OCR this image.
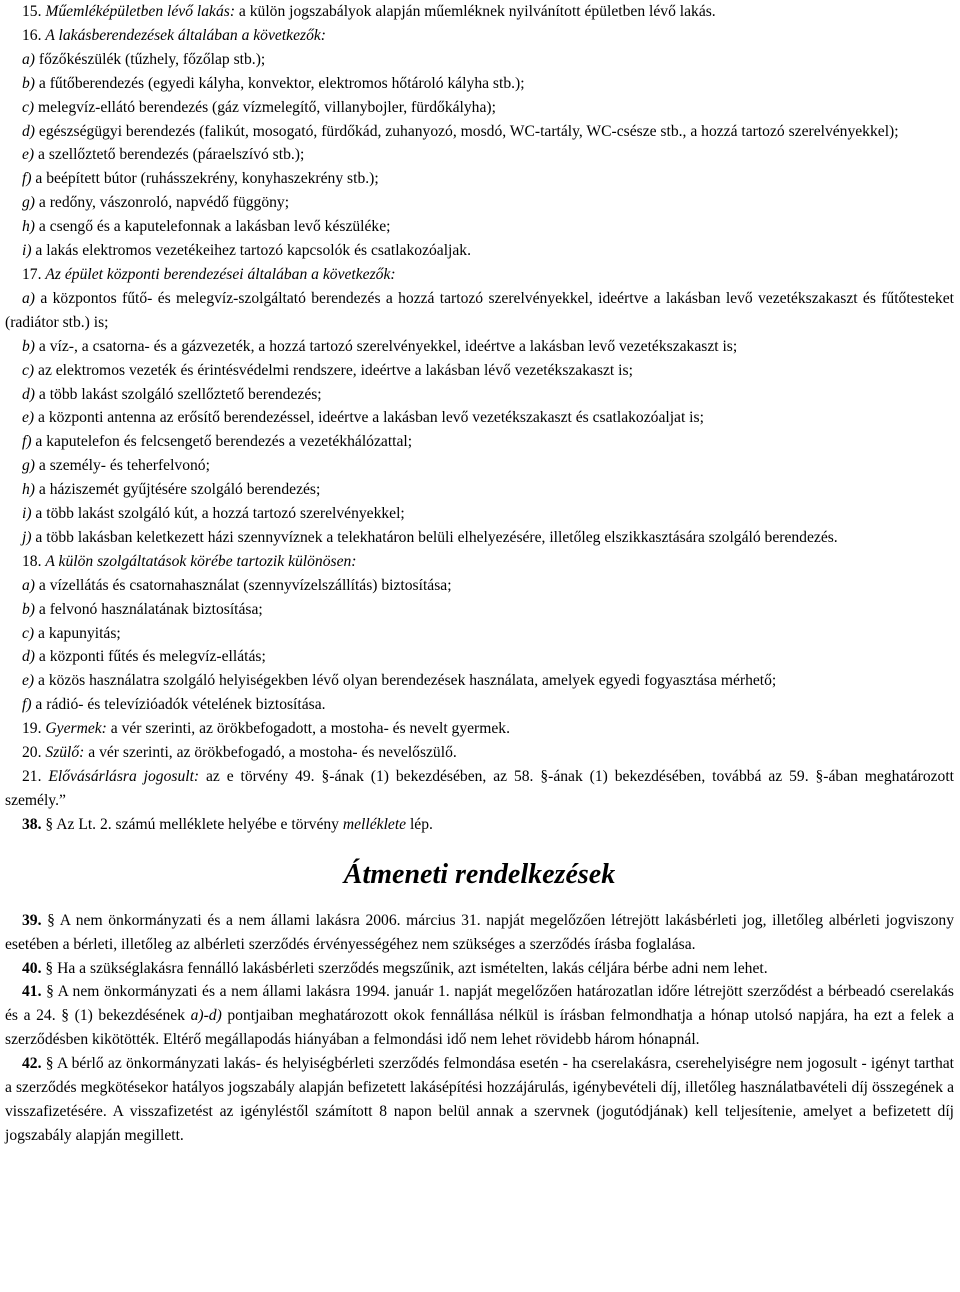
15. Műemléképületben lévő lakás: a külön jogszabályok alapján műemléknek nyilvánított épületben lévő lakás.

16. A lakásberendezések általában a következők:

a) főzőkészülék (tűzhely, főzőlap stb.);

b) a fűtőberendezés (egyedi kályha, konvektor, elektromos hőtároló kályha stb.);

c) melegvíz-ellátó berendezés (gáz vízmelegítő, villanybojler, fürdőkályha);

d) egészségügyi berendezés (falikút, mosogató, fürdőkád, zuhanyozó, mosdó, WC-tartály, WC-csésze stb., a hozzá tartozó szerelvényekkel);

e) a szellőztető berendezés (páraelszívó stb.);

f) a beépített bútor (ruhásszekrény, konyhaszekrény stb.);

g) a redőny, vászonroló, napvédő függöny;

h) a csengő és a kaputelefonnak a lakásban levő készüléke;

i) a lakás elektromos vezetékeihez tartozó kapcsolók és csatlakozóaljak.

17. Az épület központi berendezései általában a következők:

a) a központos fűtő- és melegvíz-szolgáltató berendezés a hozzá tartozó szerelvényekkel, ideértve a lakásban levő vezetékszakaszt és fűtőtesteket (radiátor stb.) is;

b) a víz-, a csatorna- és a gázvezeték, a hozzá tartozó szerelvényekkel, ideértve a lakásban levő vezetékszakaszt is;

c) az elektromos vezeték és érintésvédelmi rendszere, ideértve a lakásban lévő vezetékszakaszt is;

d) a több lakást szolgáló szellőztető berendezés;

e) a központi antenna az erősítő berendezéssel, ideértve a lakásban levő vezetékszakaszt és csatlakozóaljat is;

f) a kaputelefon és felcsengető berendezés a vezetékhálózattal;

g) a személy- és teherfelvonó;

h) a háziszemét gyűjtésére szolgáló berendezés;

i) a több lakást szolgáló kút, a hozzá tartozó szerelvényekkel;

j) a több lakásban keletkezett házi szennyvíznek a telekhatáron belüli elhelyezésére, illetőleg elszikkasztására szolgáló berendezés.

18. A külön szolgáltatások körébe tartozik különösen:

a) a vízellátás és csatornahasználat (szennyvízelszállítás) biztosítása;

b) a felvonó használatának biztosítása;

c) a kapunyitás;

d) a központi fűtés és melegvíz-ellátás;

e) a közös használatra szolgáló helyiségekben lévő olyan berendezések használata, amelyek egyedi fogyasztása mérhető;

f) a rádió- és televízióadók vételének biztosítása.

19. Gyermek: a vér szerinti, az örökbefogadott, a mostoha- és nevelt gyermek.

20. Szülő: a vér szerinti, az örökbefogadó, a mostoha- és nevelőszülő.

21. Elővásárlásra jogosult: az e törvény 49. §-ának (1) bekezdésében, az 58. §-ának (1) bekezdésében, továbbá az 59. §-ában meghatározott személy.”

38. § Az Lt. 2. számú melléklete helyébe e törvény melléklete lép.

Átmeneti rendelkezések

39. § A nem önkormányzati és a nem állami lakásra 2006. március 31. napját megelőzően létrejött lakásbérleti jog, illetőleg albérleti jogviszony esetében a bérleti, illetőleg az albérleti szerződés érvényességéhez nem szükséges a szerződés írásba foglalása.

40. § Ha a szükséglakásra fennálló lakásbérleti szerződés megszűnik, azt ismételten, lakás céljára bérbe adni nem lehet.

41. § A nem önkormányzati és a nem állami lakásra 1994. január 1. napját megelőzően határozatlan időre létrejött szerződést a bérbeadó cserelakás és a 24. § (1) bekezdésének a)-d) pontjaiban meghatározott okok fennállása nélkül is írásban felmondhatja a hónap utolsó napjára, ha ezt a felek a szerződésben kikötötték. Eltérő megállapodás hiányában a felmondási idő nem lehet rövidebb három hónapnál.

42. § A bérlő az önkormányzati lakás- és helyiségbérleti szerződés felmondása esetén - ha cserelakásra, cserehelyiségre nem jogosult - igényt tarthat a szerződés megkötésekor hatályos jogszabály alapján befizetett lakásépítési hozzájárulás, igénybevételi díj, illetőleg használatbavételi díj összegének a visszafizetésére. A visszafizetést az igényléstől számított 8 napon belül annak a szervnek (jogutódjának) kell teljesítenie, amelyet a befizetett díj jogszabály alapján megillett.
